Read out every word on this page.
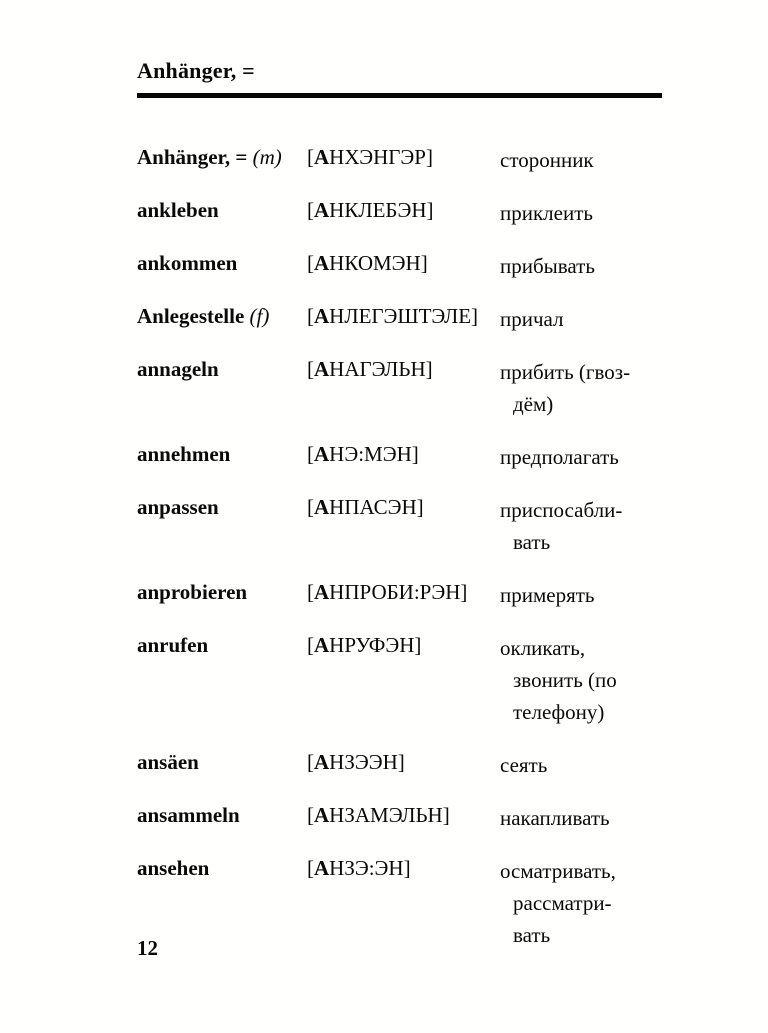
Anhänger, =
Anhänger, = (m)	[АНХЭНГЭР]	сторонник
ankleben	[АНКЛЕБЭН]	приклеить
ankommen	[АНКОМЭН]	прибывать
Anlegestelle (f)	[АНЛЕГЭШТЭЛЕ]	причал
annageln	[АНАГЭЛЬН]	прибить (гвоз-
дём)
annehmen	[АНЭ:МЭН]	предполагать
anpassen	[АНПАСЭН]	приспосабли-
вать
anprobieren	[АНПРОБИ:РЭН]	примерять
anrufen	[АНРУФЭН]	окликать,
звонить (по
телефону)
ansäen	[АНЗЭЭН]	сеять
ansammeln	[АНЗАМЭЛЬН]	накапливать
ansehen	[АНЗЭ:ЭН]	осматривать,
рассматри-
вать
12
